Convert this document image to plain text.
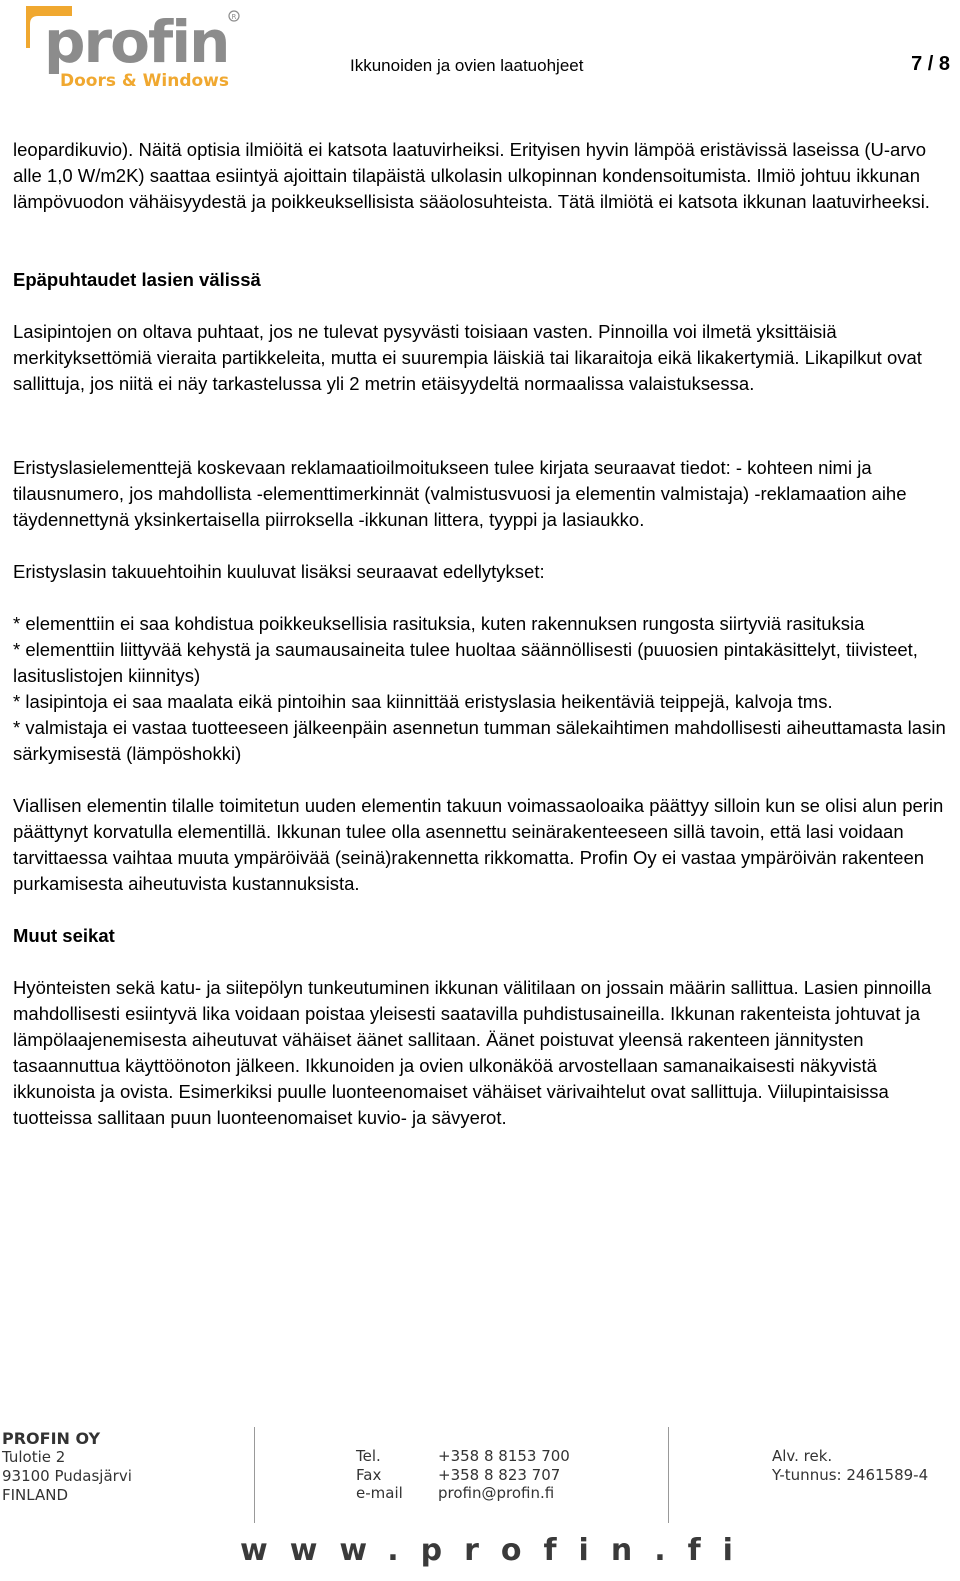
profin R
Doors & Windows
Ikkunoiden ja ovien laatuohjeet	7 / 8

leopardikuvio). Näitä optisia ilmiöitä ei katsota laatuvirheiksi. Erityisen hyvin lämpöä eristävissä laseissa (U-arvo alle 1,0 W/m2K) saattaa esiintyä ajoittain tilapäistä ulkolasin ulkopinnan kondensoitumista. Ilmiö johtuu ikkunan lämpövuodon vähäisyydestä ja poikkeuksellisista sääolosuhteista. Tätä ilmiötä ei katsota ikkunan laatuvirheeksi.

Epäpuhtaudet lasien välissä

Lasipintojen on oltava puhtaat, jos ne tulevat pysyvästi toisiaan vasten. Pinnoilla voi ilmetä yksittäisiä merkityksettömiä vieraita partikkeleita, mutta ei suurempia läiskiä tai likaraitoja eikä likakertymiä. Likapilkut ovat sallittuja, jos niitä ei näy tarkastelussa yli 2 metrin etäisyydeltä normaalissa valaistuksessa.

Eristyslasielementtejä koskevaan reklamaatioilmoitukseen tulee kirjata seuraavat tiedot: - kohteen nimi ja tilausnumero, jos mahdollista -elementtimerkinnät (valmistusvuosi ja elementin valmistaja) -reklamaation aihe täydennettynä yksinkertaisella piirroksella -ikkunan littera, tyyppi ja lasiaukko.

Eristyslasin takuuehtoihin kuuluvat lisäksi seuraavat edellytykset:

* elementtiin ei saa kohdistua poikkeuksellisia rasituksia, kuten rakennuksen rungosta siirtyviä rasituksia

* elementtiin liittyvää kehystä ja saumausaineita tulee huoltaa säännöllisesti (puuosien pintakäsittelyt, tiivisteet, lasituslistojen kiinnitys)

* lasipintoja ei saa maalata eikä pintoihin saa kiinnittää eristyslasia heikentäviä teippejä, kalvoja tms.

* valmistaja ei vastaa tuotteeseen jälkeenpäin asennetun tumman sälekaihtimen mahdollisesti aiheuttamasta lasin särkymisestä (lämpöshokki)

Viallisen elementin tilalle toimitetun uuden elementin takuun voimassaoloaika päättyy silloin kun se olisi alun perin päättynyt korvatulla elementillä. Ikkunan tulee olla asennettu seinärakenteeseen sillä tavoin, että lasi voidaan tarvittaessa vaihtaa muuta ympäröivää (seinä)rakennetta rikkomatta. Profin Oy ei vastaa ympäröivän rakenteen purkamisesta aiheutuvista kustannuksista.

Muut seikat

Hyönteisten sekä katu- ja siitepölyn tunkeutuminen ikkunan välitilaan on jossain määrin sallittua. Lasien pinnoilla mahdollisesti esiintyvä lika voidaan poistaa yleisesti saatavilla puhdistusaineilla. Ikkunan rakenteista johtuvat ja lämpölaajenemisesta aiheutuvat vähäiset äänet sallitaan. Äänet poistuvat yleensä rakenteen jännitysten tasaannuttua käyttöönoton jälkeen. Ikkunoiden ja ovien ulkonäköä arvostellaan samanaikaisesti näkyvistä ikkunoista ja ovista. Esimerkiksi puulle luonteenomaiset vähäiset värivaihtelut ovat sallittuja. Viilupintaisissa tuotteissa sallitaan puun luonteenomaiset kuvio- ja sävyerot.

PROFIN OY
Tulotie 2
93100 Pudasjärvi
FINLAND
Tel.	+358 8 8153 700
Fax	+358 8 823 707
e-mail	profin@profin.fi
Alv. rek.
Y-tunnus: 2461589-4
www.profin.fi
